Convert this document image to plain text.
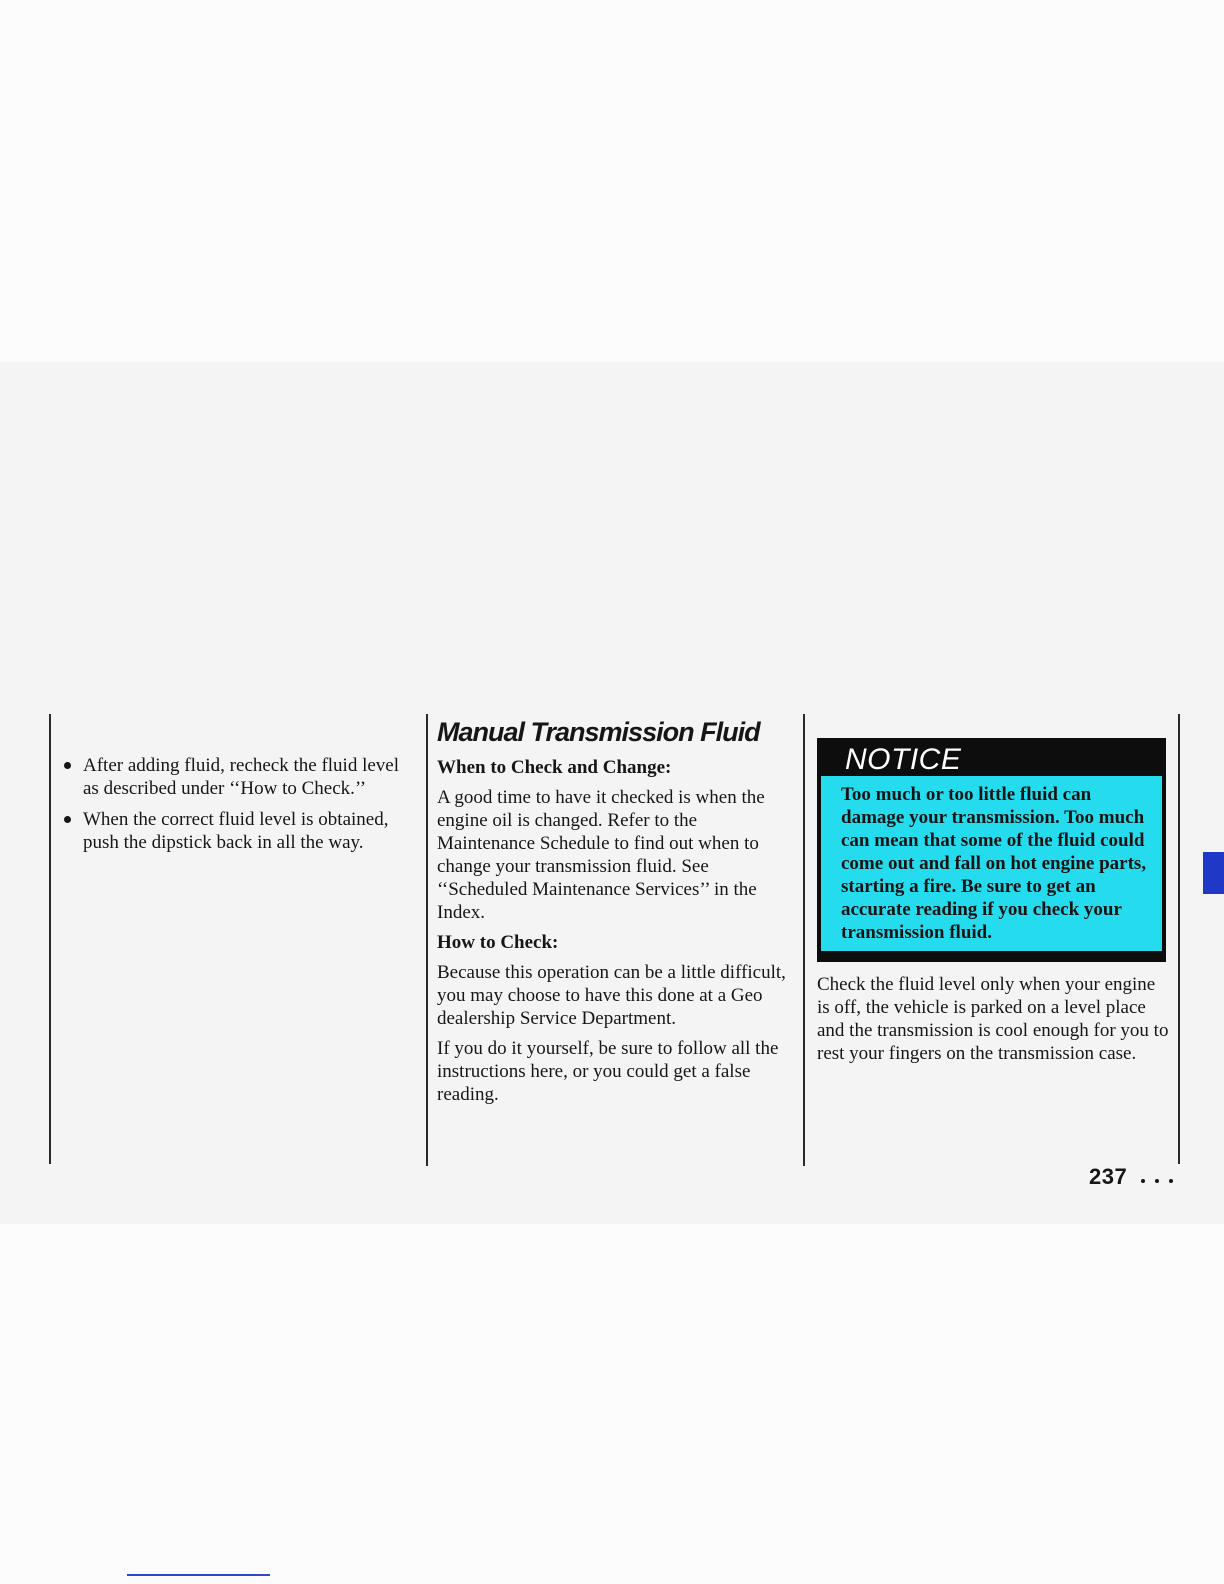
After adding fluid, recheck the fluid level as described under ‘‘How to Check.’’
When the correct fluid level is obtained, push the dipstick back in all the way.
Manual Transmission Fluid
When to Check and Change:

A good time to have it checked is when the engine oil is changed. Refer to the Maintenance Schedule to find out when to change your transmission fluid. See ‘‘Scheduled Maintenance Services’’ in the Index.

How to Check:

Because this operation can be a little difficult, you may choose to have this done at a Geo dealership Service Department.

If you do it yourself, be sure to follow all the instructions here, or you could get a false reading.

NOTICE
Too much or too little fluid can damage your transmission. Too much can mean that some of the fluid could come out and fall on hot engine parts, starting a fire. Be sure to get an accurate reading if you check your transmission fluid.

Check the fluid level only when your engine is off, the vehicle is parked on a level place and the transmission is cool enough for you to rest your fingers on the transmission case.

237
